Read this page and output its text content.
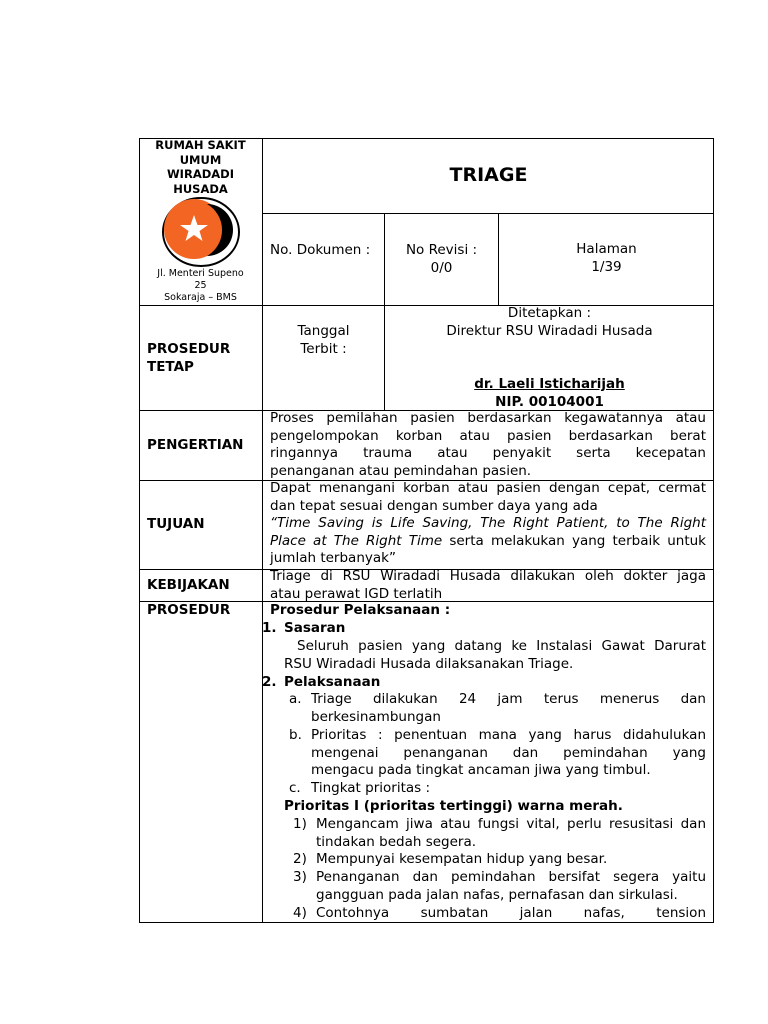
RUMAH SAKIT
UMUM
WIRADADI
HUSADA
Jl. Menteri Supeno
25
Sokaraja – BMS
TRIAGE
No. Dokumen :	No Revisi :
0/0
Halaman
1/39
PROSEDUR
TETAP
Tanggal
Terbit :
Ditetapkan :
Direktur RSU Wiradadi Husada
dr. Laeli Isticharijah
NIP. 00104001
PENGERTIAN
Proses pemilahan pasien berdasarkan kegawatannya atau
pengelompokan korban atau pasien berdasarkan berat
ringannya trauma atau penyakit serta kecepatan
penanganan atau pemindahan pasien.
TUJUAN
Dapat menangani korban atau pasien dengan cepat, cermat
dan tepat sesuai dengan sumber daya yang ada
“Time Saving is Life Saving, The Right Patient, to The Right
Place at The Right Time serta melakukan yang terbaik untuk
jumlah terbanyak”
KEBIJAKAN
Triage di RSU Wiradadi Husada dilakukan oleh dokter jaga
atau perawat IGD terlatih
PROSEDUR	Prosedur Pelaksanaan :
1. Sasaran
Seluruh pasien yang datang ke Instalasi Gawat Darurat
RSU Wiradadi Husada dilaksanakan Triage.
2. Pelaksanaan
a. Triage dilakukan 24 jam terus menerus dan
berkesinambungan
b. Prioritas : penentuan mana yang harus didahulukan
mengenai penanganan dan pemindahan yang
mengacu pada tingkat ancaman jiwa yang timbul.
c. Tingkat prioritas :
Prioritas I (prioritas tertinggi) warna merah.
1) Mengancam jiwa atau fungsi vital, perlu resusitasi dan
tindakan bedah segera.
2) Mempunyai kesempatan hidup yang besar.
3) Penanganan dan pemindahan bersifat segera yaitu
gangguan pada jalan nafas, pernafasan dan sirkulasi.
4) Contohnya sumbatan jalan nafas, tension
